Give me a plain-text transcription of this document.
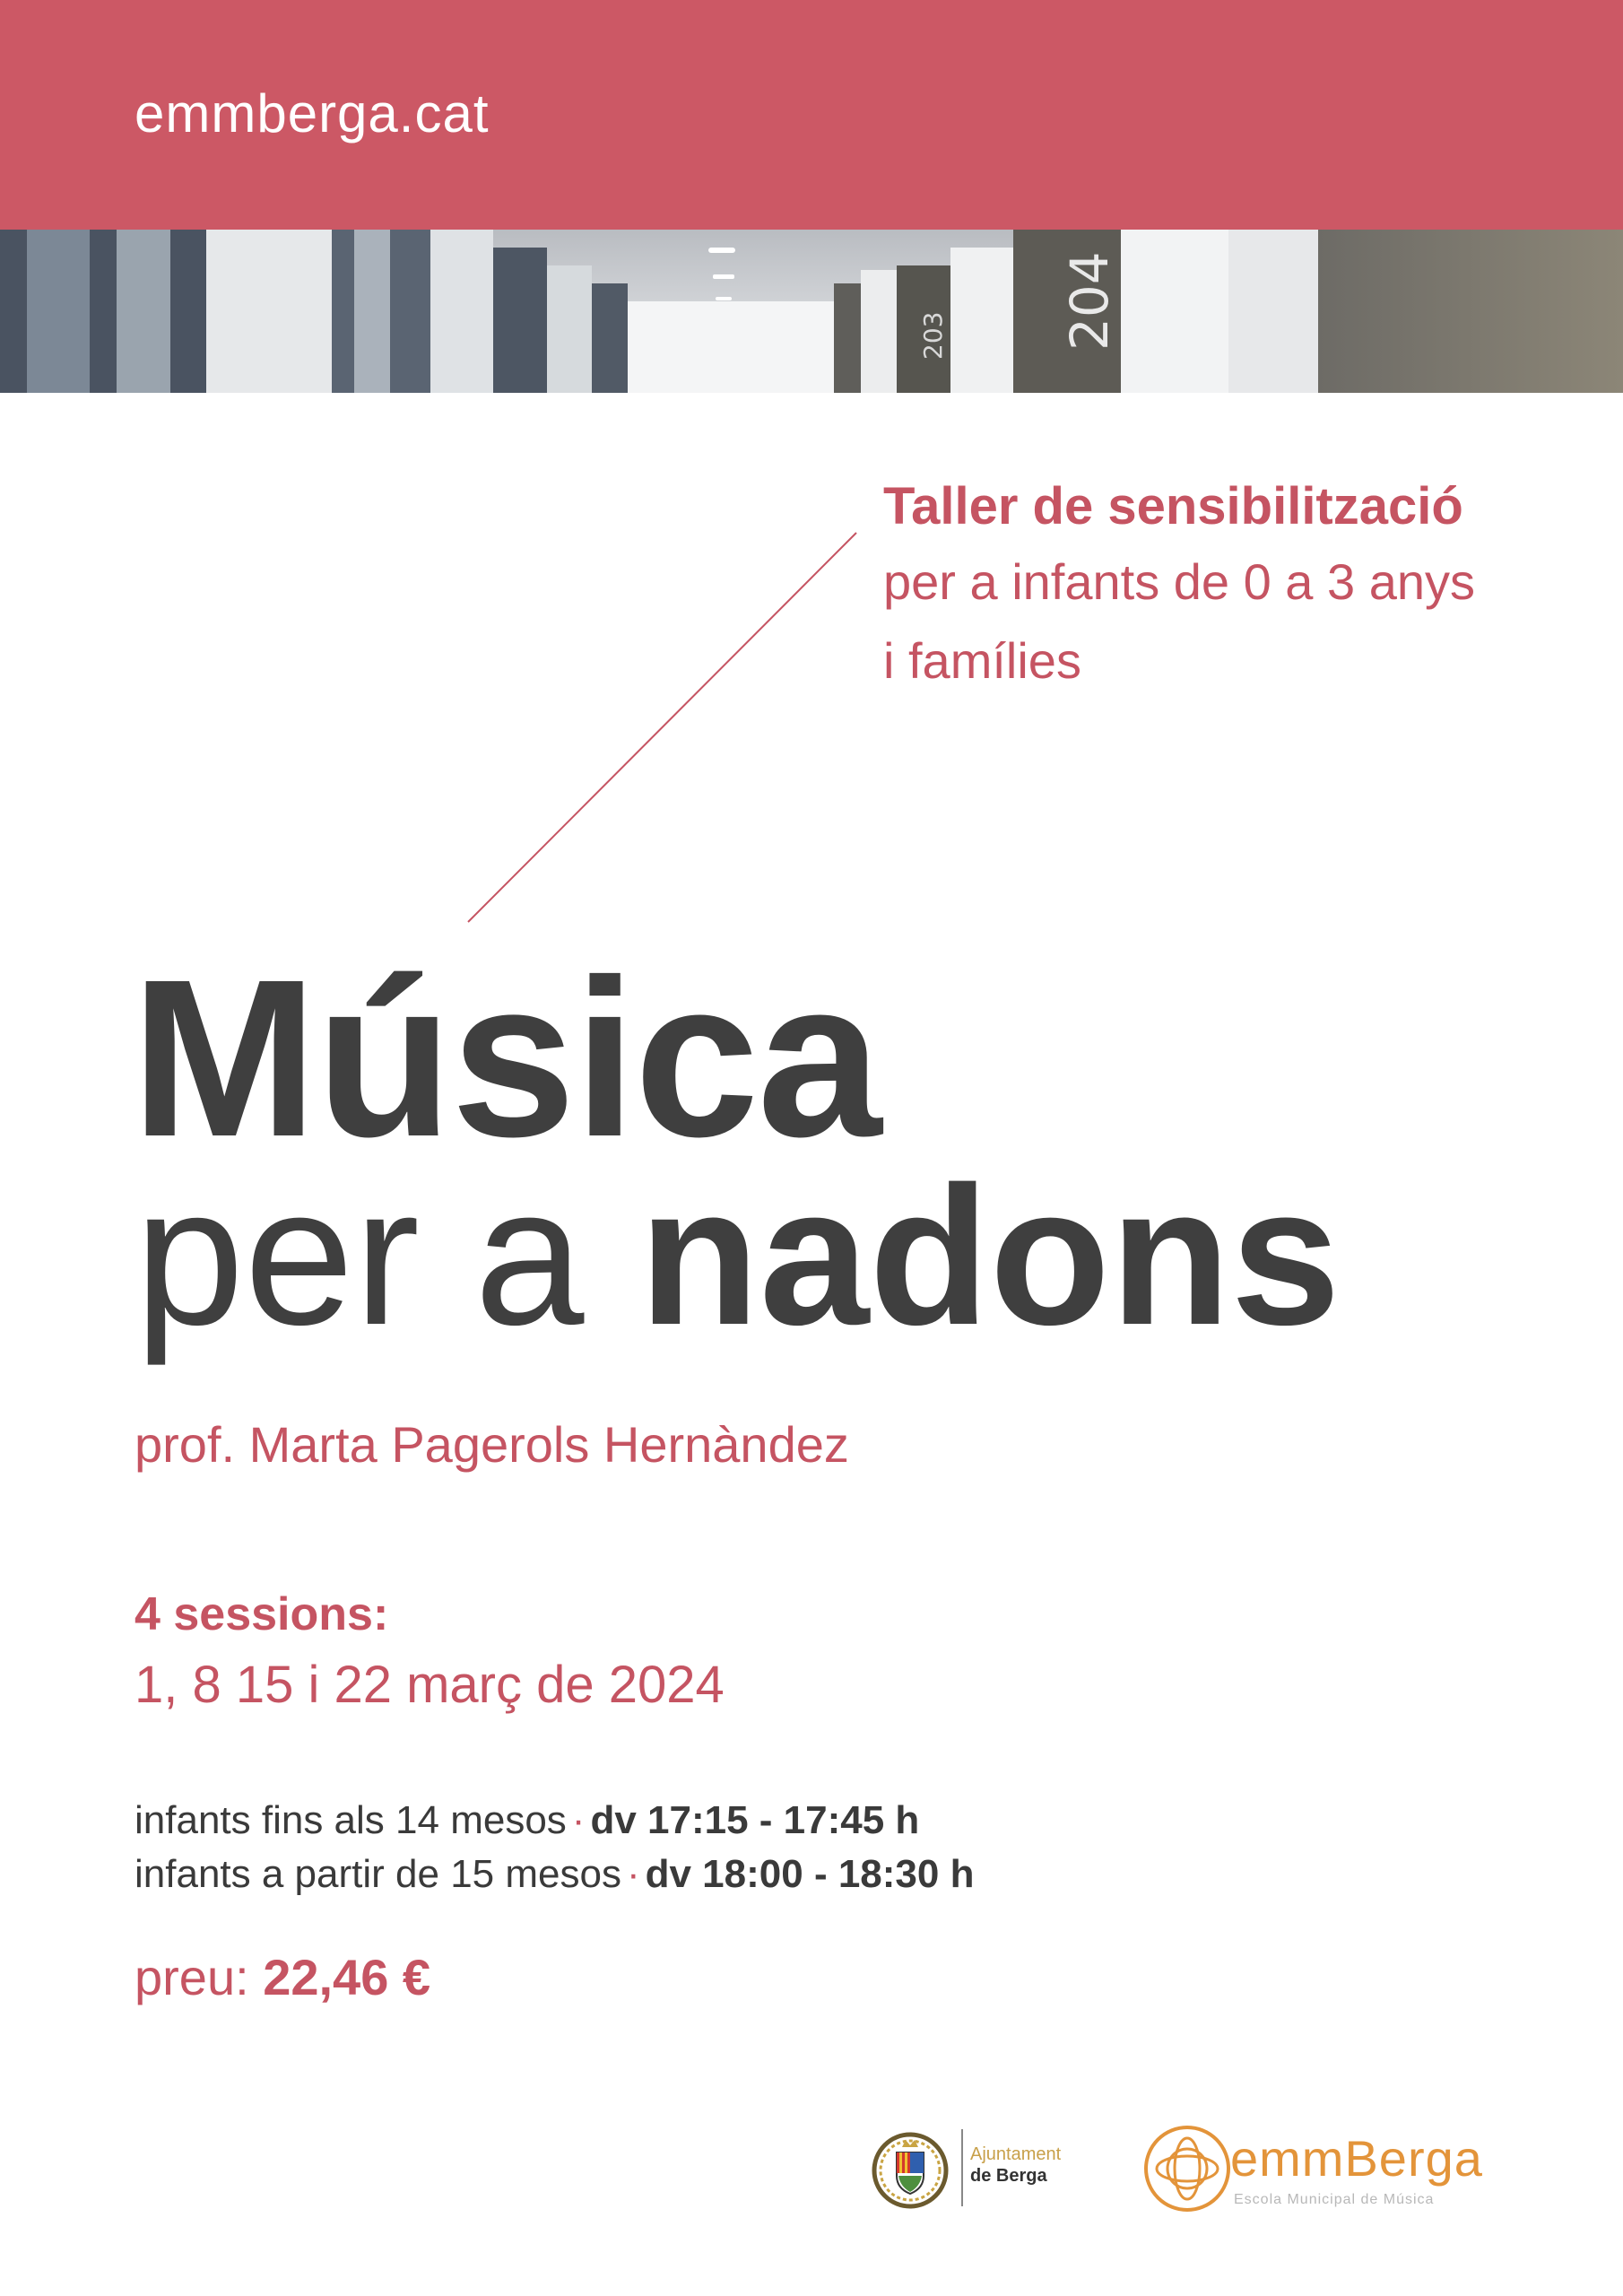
emmberga.cat
204
203
Taller de sensibilització
per a infants de 0 a 3 anys
i famílies
Música
per a nadons
prof. Marta Pagerols Hernàndez
4 sessions:
1, 8 15 i 22 març de 2024
infants fins als 14 mesos · dv 17:15 - 17:45 h
infants a partir de 15 mesos · dv 18:00 - 18:30 h
preu: 22,46 €
Ajuntament
de Berga	emmBerga
Escola Municipal de Música
